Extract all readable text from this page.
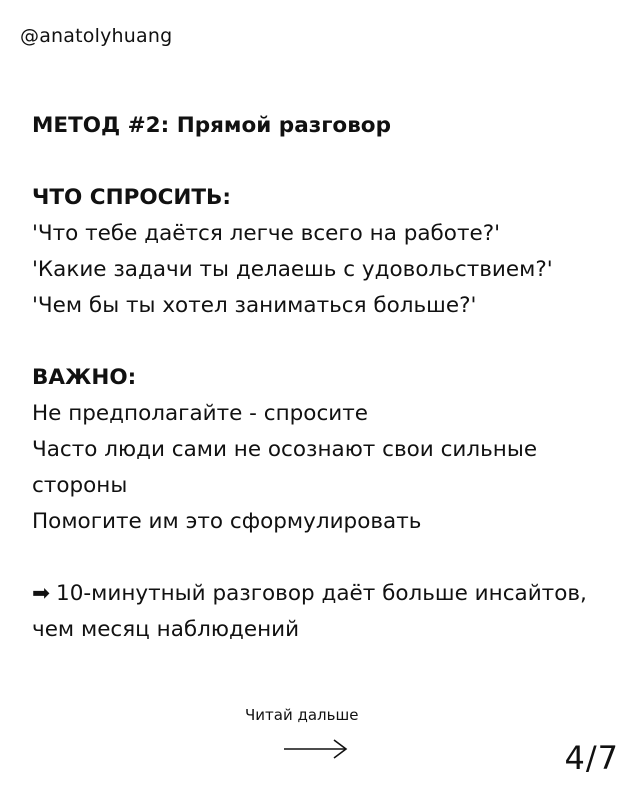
@anatolyhuang
МЕТОД #2: Прямой разговор
ЧТО СПРОСИТЬ:
'Что тебе даётся легче всего на работе?'
'Какие задачи ты делаешь с удовольствием?'
'Чем бы ты хотел заниматься больше?'
ВАЖНО:
Не предполагайте - спросите
Часто люди сами не осознают свои сильные стороны
Помогите им это сформулировать
➡ 10-минутный разговор даёт больше инсайтов, чем месяц наблюдений
Читай дальше
4/7
